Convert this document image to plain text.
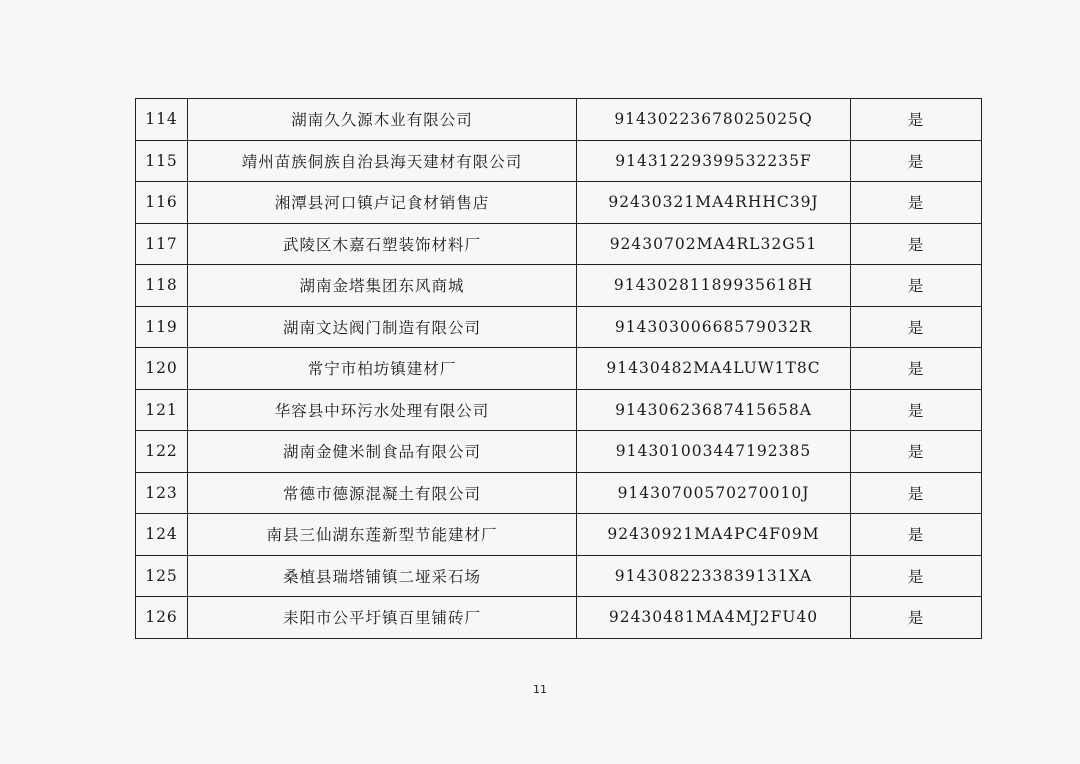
114	湖南久久源木业有限公司	91430223678025025Q	是
115	靖州苗族侗族自治县海天建材有限公司	91431229399532235F	是
116	湘潭县河口镇卢记食材销售店	92430321MA4RHHC39J	是
117	武陵区木嘉石塑装饰材料厂	92430702MA4RL32G51	是
118	湖南金塔集团东风商城	91430281189935618H	是
119	湖南文达阀门制造有限公司	91430300668579032R	是
120	常宁市柏坊镇建材厂	91430482MA4LUW1T8C	是
121	华容县中环污水处理有限公司	91430623687415658A	是
122	湖南金健米制食品有限公司	914301003447192385	是
123	常德市德源混凝土有限公司	91430700570270010J	是
124	南县三仙湖东莲新型节能建材厂	92430921MA4PC4F09M	是
125	桑植县瑞塔铺镇二垭采石场	9143082233839131XA	是
126	耒阳市公平圩镇百里铺砖厂	92430481MA4MJ2FU40	是
11
